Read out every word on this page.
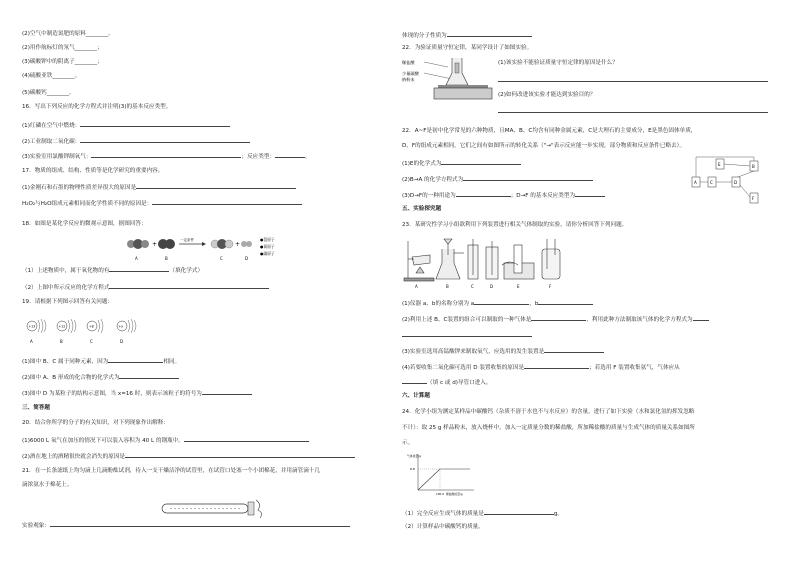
(2)空气中制造氮肥的原料________。
(2)用作航标灯的氖气________；
(3)碳酸钾中的阴离子________；
(4)硫酸亚铁________。
(5)碳酸钙________。
16．写出下列反应的化学方程式并注明(3)的基本反应类型。
(1)红磷在空气中燃烧：
(2)工业制取二氧化碳：
(3)实验室用氯酸钾制氧气：	；反应类型：	。
17．物质的组成、结构、性质等是化学研究的重要内容。
(1)金刚石和石墨的物理性质差异很大的原因是
H₂O₂与H₂O组成元素相同而化学性质不同的原因是：
18．如图是某化学反应的微观示意图，据图回答：
+
一定条件
+
A	B	C	D
●氢原子
●氧原子
●碳原子
（1）上述物质中，属于氧化物的有	（填化学式）
（2）上图中所示反应的化学方程式
19．请根据下列图示回答有关问题：
+13	+12	+8	+x
A	B	C	D
(1)图中 B、C 属于同种元素，因为	相同。
(2)图中 A、B 形成的化合物的化学式为
(3)图中 D 为某粒子的结构示意图，当 x=16 时，则表示该粒子的符号为
三、简答题
20．结合你所学的分子的有关知识，对下列现象作出解释：
(1)6000 L 氧气在加压的情况下可以装入容积为 40 L 的钢瓶中。
(2)酒在地上的酒精很快就会消失的原因是
21．在一长条滤纸上均匀滴上几滴酚酞试剂，待入一支干燥洁净的试管里，在试管口处塞一个小团棉花，并用滴管滴十几
滴浓氨水于棉花上。
实验观象：
体现的分子性质为
22．为验证质量守恒定律，某同学设计了如图实验。
稀盐酸
少量碳酸
钠粉末
(1)该实验不能验证质量守恒定律的原因是什么？
(2)如何改进该实验才能达到实验目的？
22．A~F是初中化学常见的六种物质，且MA、B、C均含有同种金属元素，C是大理石的主要成分，E是黑色固体单质，
D、F的组成元素相同。它们之间有如图所示的转化关系（"→"表示反应能一步实现，部分物质和反应条件已略去）。
(1)E的化学式为
(2)B→A 的化学方程式为
(3)D→F的一种用途为	；D→F 的基本反应类型为
E
C	D
F
B
A
五、实验探究题
23．某研究性学习小组欲利用下列装置进行相关气体制取的实验，请你分析回答下列问题。
A	B	C	D	E	F
(1)仪器 a、b的名称分别为 a	，b
(2)利用上述 B、C装置的组合可以制取的一种气体是	，利用此种方法制取该气体的化学方程式为
(3)实验室选用高锰酸钾来制取氧气，应选用的发生装置是
(4)若要收集二氧化碳可选用 D 装置收集的原因是	；若选用 F 装置收集氨气，气体应从
（填 c 或 d)导管口进入。
六、计算题
24．化学小组为测定某样品中碳酸钙（杂质不溶于水也不与水反应）的含量，进行了如下实验（水和氯化氢的挥发忽略
不计）：取 25 g 样品粉末，放入烧杯中，加入一定质量分数的稀盐酸，所加稀盐酸的质量与生成气体的质量关系如图所
示。
气体质量/g
8.8
100.0 稀盐酸质量/g
（1）完全反应生成气体的质量是	g。
（2）计算样品中碳酸钙的质量。
